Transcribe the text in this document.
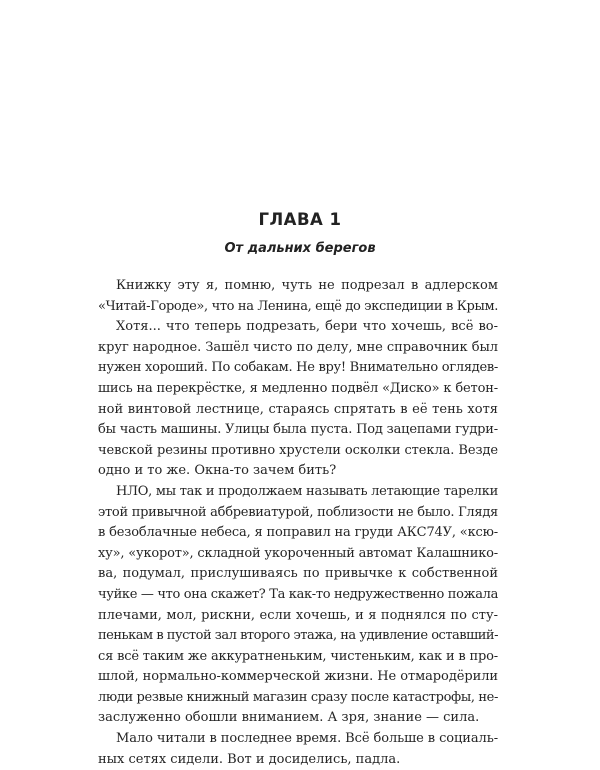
ГЛАВА 1
От дальних берегов
Книжку эту я, помню, чуть не подрезал в адлерском
«Читай-Городе», что на Ленина, ещё до экспедиции в Крым.
Хотя... что теперь подрезать, бери что хочешь, всё во-
круг народное. Зашёл чисто по делу, мне справочник был
нужен хороший. По собакам. Не вру! Внимательно оглядев-
шись на перекрёстке, я медленно подвёл «Диско» к бетон-
ной винтовой лестнице, стараясь спрятать в её тень хотя
бы часть машины. Улицы была пуста. Под зацепами гудри-
чевской резины противно хрустели осколки стекла. Везде
одно и то же. Окна-то зачем бить?
НЛО, мы так и продолжаем называть летающие тарелки
этой привычной аббревиатурой, поблизости не было. Глядя
в безоблачные небеса, я поправил на груди АКС74У, «ксю-
ху», «укорот», складной укороченный автомат Калашнико-
ва, подумал, прислушиваясь по привычке к собственной
чуйке — что она скажет? Та как-то недружественно пожала
плечами, мол, рискни, если хочешь, и я поднялся по сту-
пенькам в пустой зал второго этажа, на удивление оставший-
ся всё таким же аккуратненьким, чистеньким, как и в про-
шлой, нормально-коммерческой жизни. Не отмародёрили
люди резвые книжный магазин сразу после катастрофы, не-
заслуженно обошли вниманием. А зря, знание — сила.
Мало читали в последнее время. Всё больше в социаль-
ных сетях сидели. Вот и досиделись, падла.
